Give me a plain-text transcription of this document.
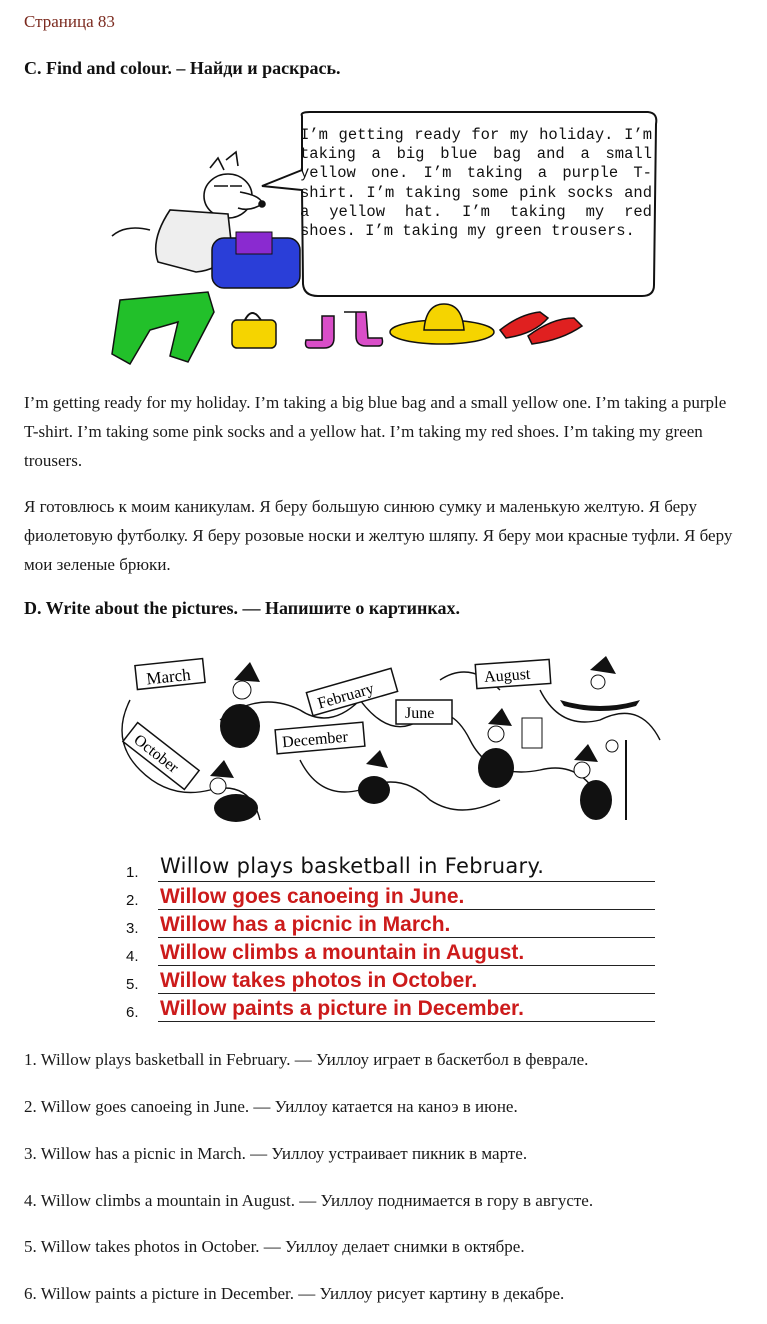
Страница 83
C. Find and colour. – Найди и раскрась.
I’m getting ready for my holiday. I’m taking a big blue bag and a small yellow one. I’m taking a purple T-shirt. I’m taking some pink socks and a yellow hat. I’m taking my red shoes. I’m taking my green trousers.
I’m getting ready for my holiday. I’m taking a big blue bag and a small yellow one. I’m taking a purple T-shirt. I’m taking some pink socks and a yellow hat. I’m taking my red shoes. I’m taking my green trousers.
Я готовлюсь к моим каникулам. Я беру большую синюю сумку и маленькую желтую. Я беру фиолетовую футболку. Я беру розовые носки и желтую шляпу. Я беру мои красные туфли. Я беру мои зеленые брюки.
D. Write about the pictures. — Напишите о картинках.
March
February
June
August
December
October
1. Willow plays basketball in February.
2. Willow goes canoeing in June.
3. Willow has a picnic in March.
4. Willow climbs a mountain in August.
5. Willow takes photos in October.
6. Willow paints a picture in December.
1. Willow plays basketball in February. — Уиллоу играет в баскетбол в феврале.
2. Willow goes canoeing in June. — Уиллоу катается на каноэ в июне.
3. Willow has a picnic in March. — Уиллоу устраивает пикник в марте.
4. Willow climbs a mountain in August. — Уиллоу поднимается в гору в августе.
5. Willow takes photos in October. — Уиллоу делает снимки в октябре.
6. Willow paints a picture in December. — Уиллоу рисует картину в декабре.
